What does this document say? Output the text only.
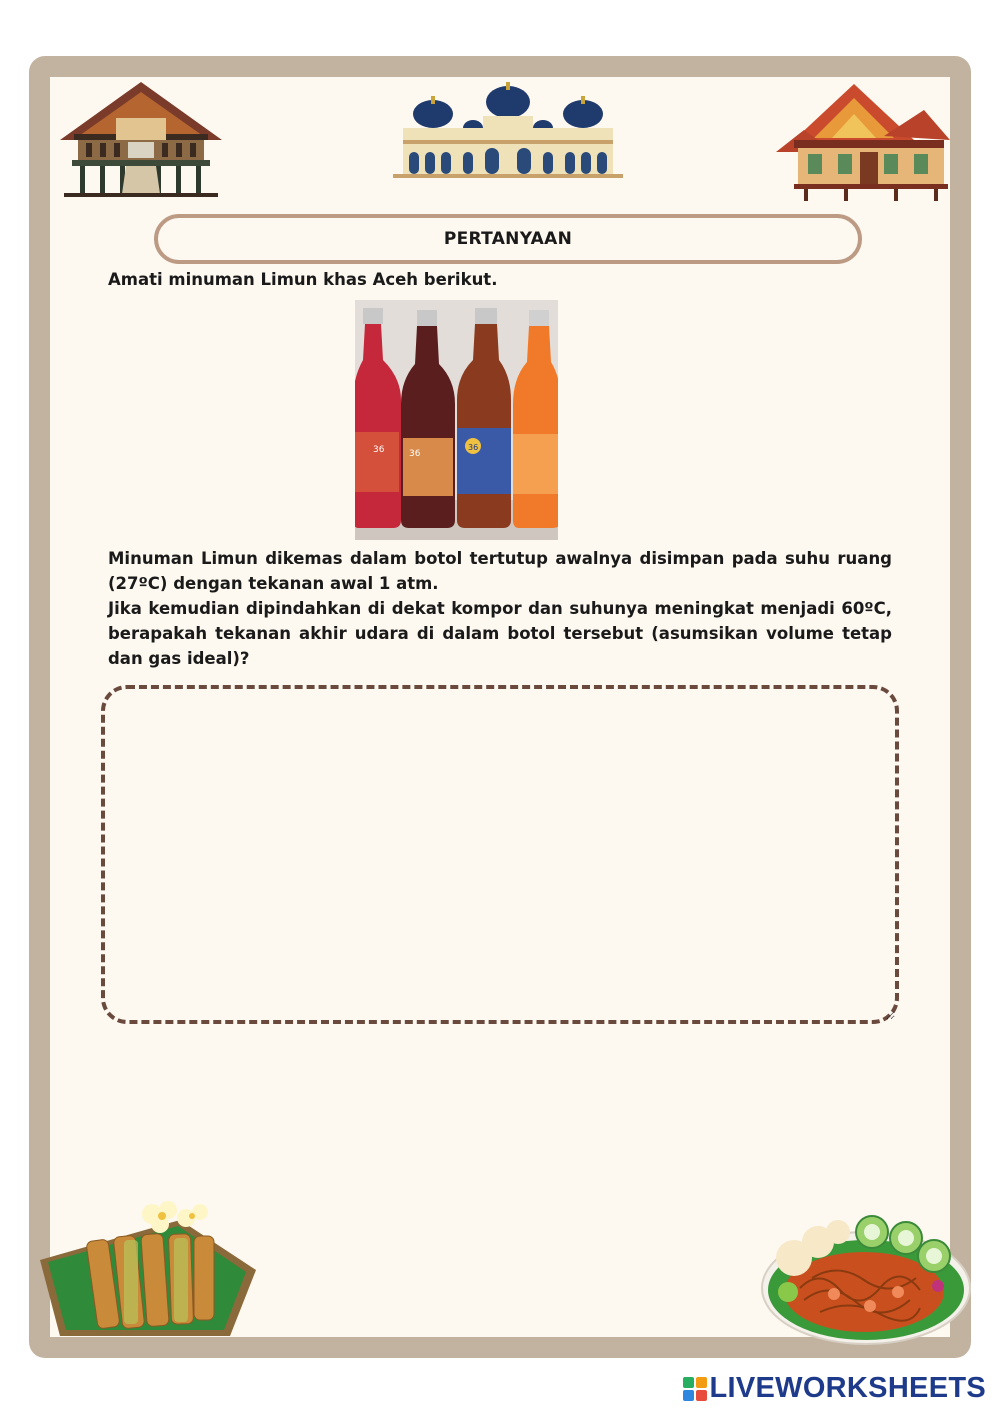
PERTANYAAN
Amati minuman Limun khas Aceh berikut.
36	36
36

Minuman Limun dikemas dalam botol tertutup awalnya disimpan pada suhu ruang (27ºC) dengan tekanan awal 1 atm.

Jika kemudian dipindahkan di dekat kompor dan suhunya meningkat menjadi 60ºC, berapakah tekanan akhir udara di dalam botol tersebut (asumsikan volume tetap dan gas ideal)?

LIVEWORKSHEETS
